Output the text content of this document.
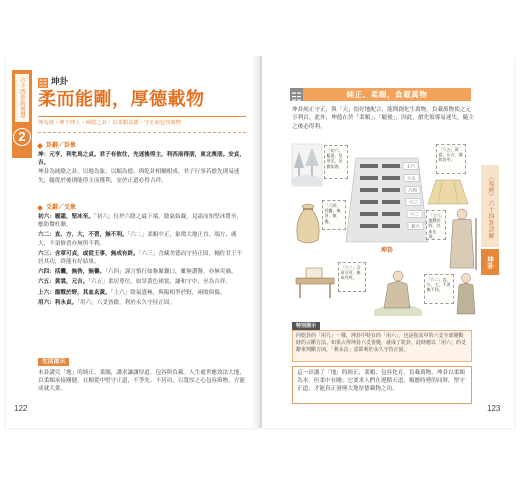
六十四卦的智慧
2
坤卦
柔而能剛，厚德載物
坤為地・坤下坤上・純陰之卦｜以柔順為德・守正而包容萬物
卦辭／卦象
坤：元亨，利牝馬之貞。君子有攸往，先迷後得主，利西南得朋，東北喪朋。安貞，吉。
坤卦為純陰之卦，以地為象，以順為德，與乾卦相輔相成。君子行事若搶先則易迷失，隨從於後則能得主而獲利，安於正道必得吉祥。
爻辭／爻象
初六：履霜，堅冰至。「初六」位於六陰之最下端，陰氣始凝，見霜而知堅冰將至，應防微杜漸。
六二：直、方、大，不習，無不利。「六二」柔順中正，象徵大地正直、端方、廣大，不須修習亦無所不利。
六三：含章可貞，或從王事，無成有終。「六三」含藏美德而守持正固，輔佐君王不居其功，終能有好結果。
六四：括囊，無咎，無譽。「六四」謹言慎行如紮緊囊口，雖無讚譽，亦無災禍。
六五：黃裳，元吉。「六五」柔居尊位，如穿黃色裙裳，謙和守中，至為吉祥。
上六：龍戰於野，其血玄黃。「上六」陰氣盛極，與陽相爭於野，兩敗俱傷。
用六：利永貞。「用六」六爻皆陰，利於永久守持正固。
生活啟示
本卦講究「地」的純正、柔順，講求謙讓厚道、包容與負載。人生處世應效法大地，以柔順承接剛健，在順從中堅守正道，不爭先、不居功，以寬厚之心包容萬物，方能成就大業。
122
純正、柔順，負載萬物
坤卦純正守正，與「天」很好地配合，能開創化生萬物，負載萬物使之元亨利貞。此外，坤德在於「柔順」、「隨後」，因此，搶先領導易迷失，隨主之後必得利。
上六
六五
六四
六三
六二
初六
坤卦
「初六」履霜，堅冰至，見微知著。
「六五」黃裳，元吉，謙和居中。
「上六」龍戰於野，其血玄黃。
「六四」括囊，無咎，無譽。
「六三」含章可貞，無成有終。	「六二」直、方、大，不習無不利。
《易經》六十四卦詳解
坤卦
特別提示
同乾卦的「用九」一樣，坤卦中特有的「用六」，也是指其中的六爻全部變動時的占斷方法。如果占得坤卦六爻皆變，就成了乾卦，此時應以「用六」的爻辭來判斷吉凶。「利永貞」意即利於永久守持正固。
這一卦講了「地」的純正、柔順，包容化育，負載萬物。坤卦以柔順為本，但柔中有剛；它要求人們在遵循天道、順應時勢的同時，堅守正道，才能真正發揮大地厚德載物之功。
123
